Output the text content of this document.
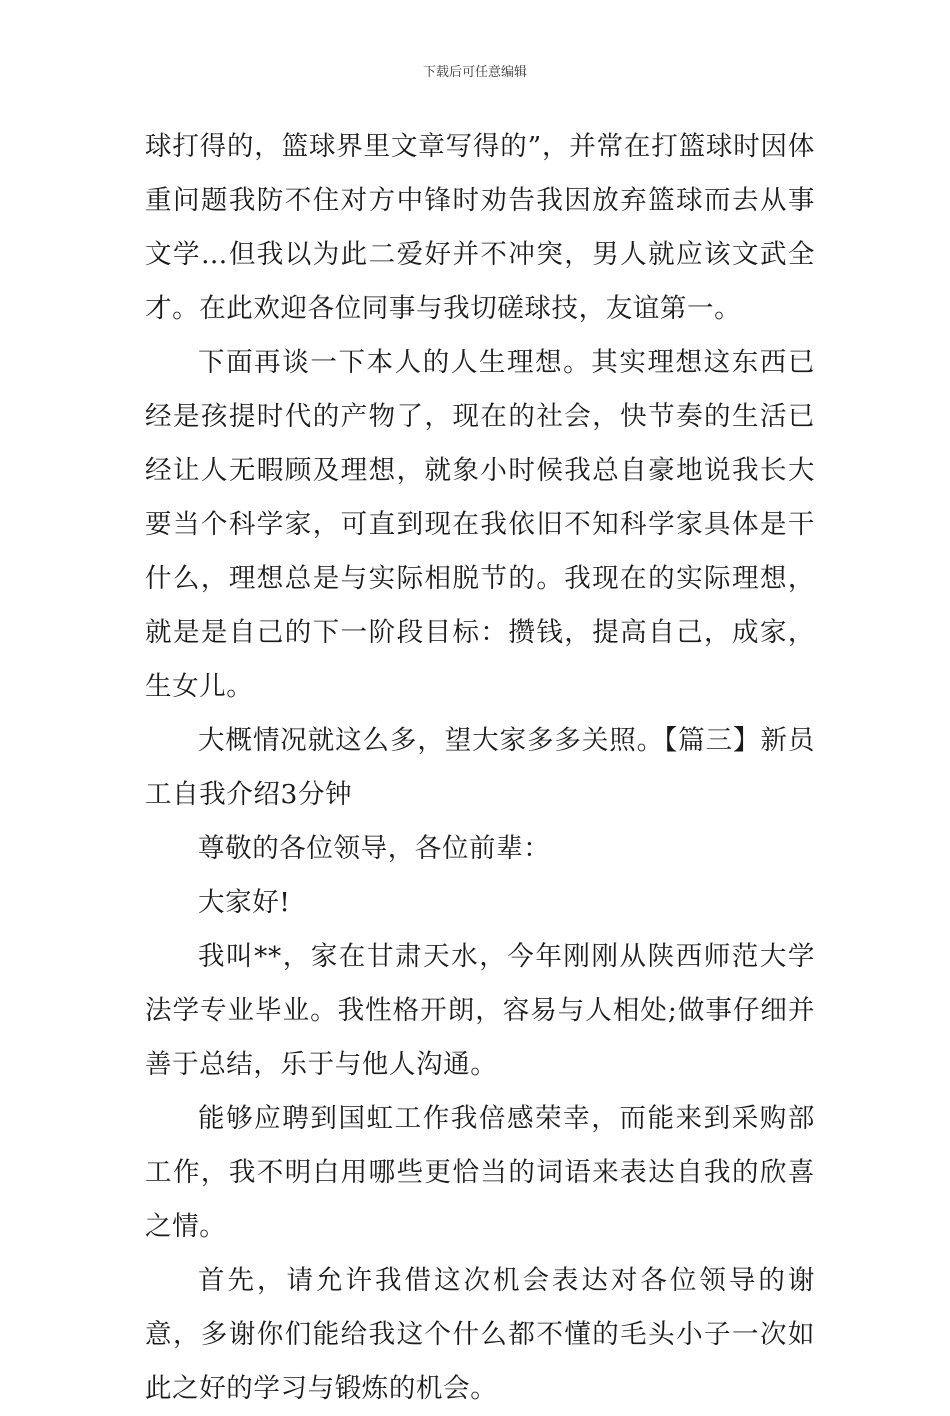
下载后可任意编辑

球打得的，篮球界里文章写得的”，并常在打篮球时因体重问题我防不住对方中锋时劝告我因放弃篮球而去从事文学…但我以为此二爱好并不冲突，男人就应该文武全才。在此欢迎各位同事与我切磋球技，友谊第一。

下面再谈一下本人的人生理想。其实理想这东西已经是孩提时代的产物了，现在的社会，快节奏的生活已经让人无暇顾及理想，就象小时候我总自豪地说我长大要当个科学家，可直到现在我依旧不知科学家具体是干什么，理想总是与实际相脱节的。我现在的实际理想，就是是自己的下一阶段目标：攒钱，提高自己，成家，生女儿。

大概情况就这么多，望大家多多关照。【篇三】新员工自我介绍3分钟

尊敬的各位领导，各位前辈：

大家好!

我叫**，家在甘肃天水，今年刚刚从陕西师范大学法学专业毕业。我性格开朗，容易与人相处;做事仔细并善于总结，乐于与他人沟通。

能够应聘到国虹工作我倍感荣幸，而能来到采购部工作，我不明白用哪些更恰当的词语来表达自我的欣喜之情。

首先，请允许我借这次机会表达对各位领导的谢意，多谢你们能给我这个什么都不懂的毛头小子一次如此之好的学习与锻炼的机会。
